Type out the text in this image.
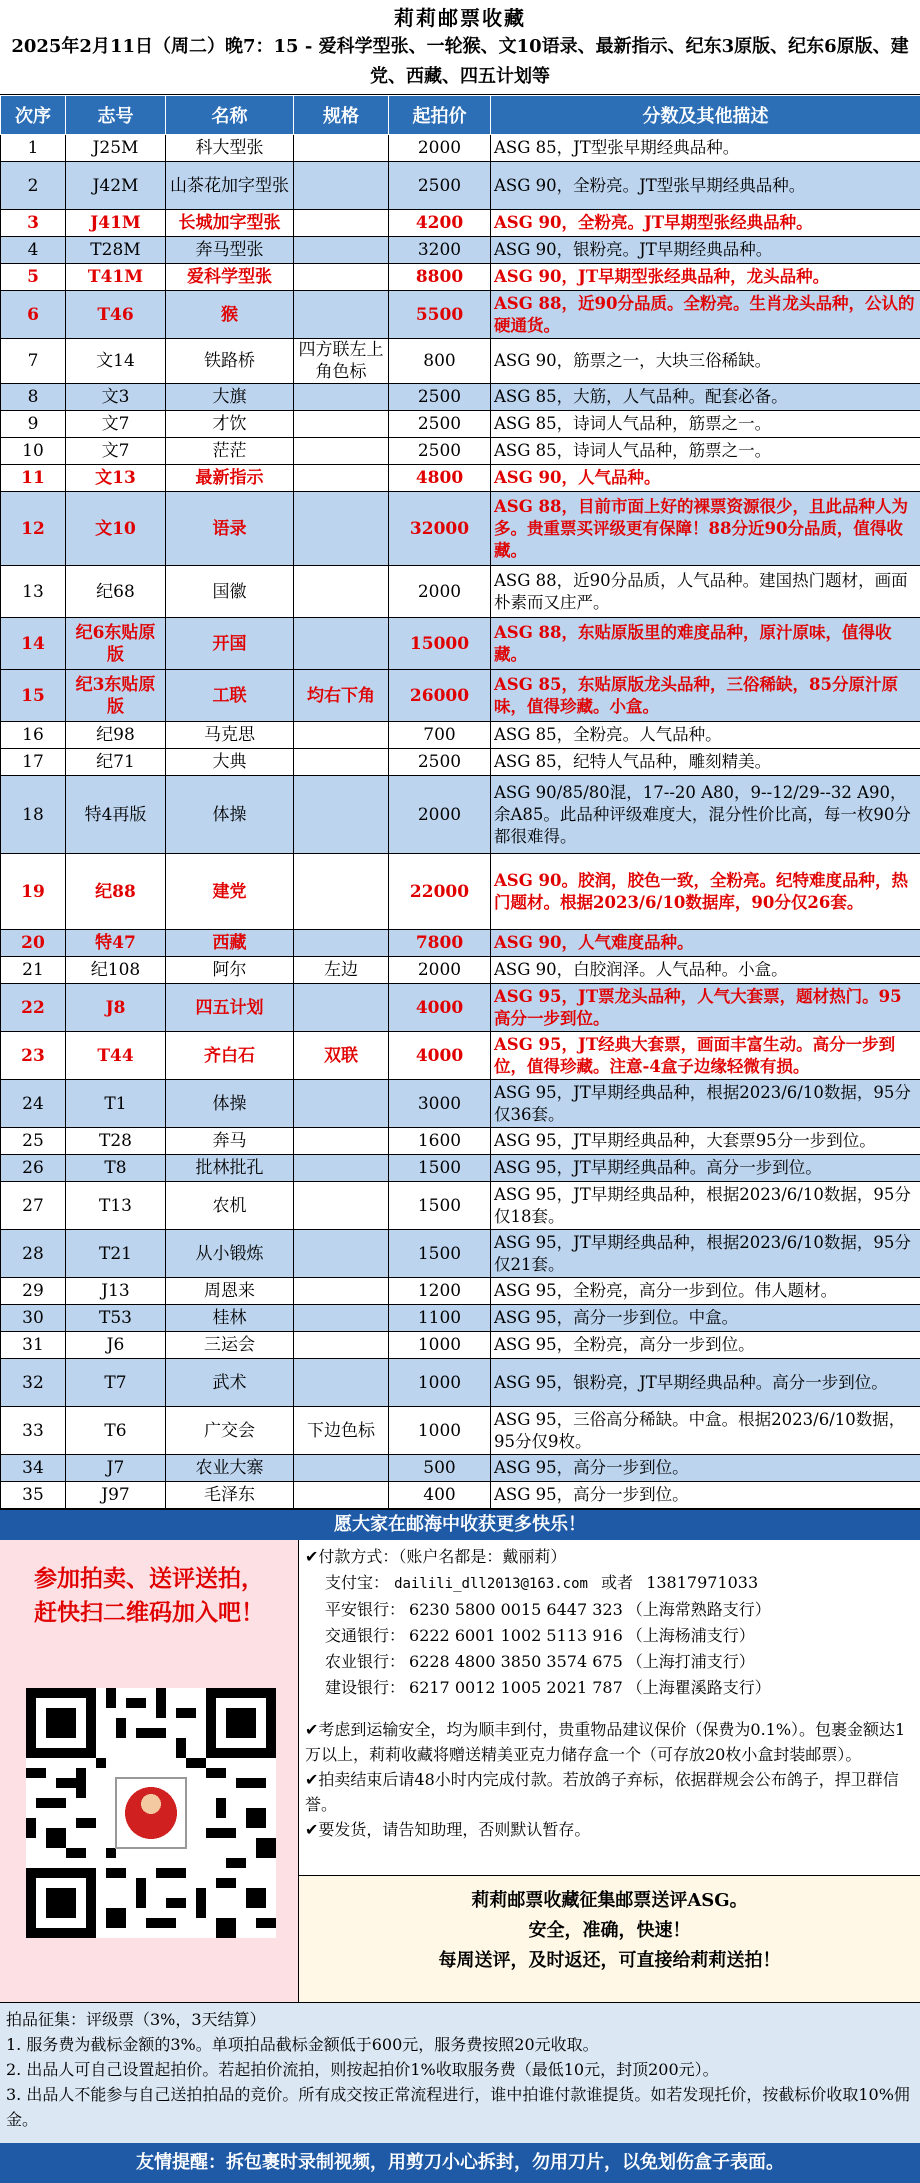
莉莉邮票收藏
2025年2月11日（周二）晚7：15 - 爱科学型张、一轮猴、文10语录、最新指示、纪东3原版、纪东6原版、建党、西藏、四五计划等
次序	志号	名称	规格	起拍价	分数及其他描述
1	J25M	科大型张		2000	ASG 85，JT型张早期经典品种。
2	J42M	山茶花加字型张		2500	ASG 90，全粉亮。JT型张早期经典品种。
3	J41M	长城加字型张		4200	ASG 90，全粉亮。JT早期型张经典品种。
4	T28M	奔马型张		3200	ASG 90，银粉亮。JT早期经典品种。
5	T41M	爱科学型张		8800	ASG 90，JT早期型张经典品种，龙头品种。
6	T46	猴		5500	ASG 88，近90分品质。全粉亮。生肖龙头品种，公认的硬通货。
7	文14	铁路桥	四方联左上角色标	800	ASG 90，筋票之一，大块三俗稀缺。
8	文3	大旗		2500	ASG 85，大筋，人气品种。配套必备。
9	文7	才饮		2500	ASG 85，诗词人气品种，筋票之一。
10	文7	茫茫		2500	ASG 85，诗词人气品种，筋票之一。
11	文13	最新指示		4800	ASG 90，人气品种。
12	文10	语录		32000	ASG 88，目前市面上好的裸票资源很少，且此品种人为多。贵重票买评级更有保障！88分近90分品质，值得收藏。
13	纪68	国徽		2000	ASG 88，近90分品质，人气品种。建国热门题材，画面朴素而又庄严。
14	纪6东贴原版	开国		15000	ASG 88，东贴原版里的难度品种，原汁原味，值得收藏。
15	纪3东贴原版	工联	均右下角	26000	ASG 85，东贴原版龙头品种，三俗稀缺，85分原汁原味，值得珍藏。小盒。
16	纪98	马克思		700	ASG 85，全粉亮。人气品种。
17	纪71	大典		2500	ASG 85，纪特人气品种，雕刻精美。
18	特4再版	体操		2000	ASG 90/85/80混，17--20 A80，9--12/29--32 A90，余A85。此品种评级难度大，混分性价比高，每一枚90分都很难得。
19	纪88	建党		22000	ASG 90。胶润，胶色一致，全粉亮。纪特难度品种，热门题材。根据2023/6/10数据库，90分仅26套。
20	特47	西藏		7800	ASG 90，人气难度品种。
21	纪108	阿尔	左边	2000	ASG 90，白胶润泽。人气品种。小盒。
22	J8	四五计划		4000	ASG 95，JT票龙头品种，人气大套票，题材热门。95高分一步到位。
23	T44	齐白石	双联	4000	ASG 95，JT经典大套票，画面丰富生动。高分一步到位，值得珍藏。注意-4盒子边缘轻微有损。
24	T1	体操		3000	ASG 95，JT早期经典品种，根据2023/6/10数据，95分仅36套。
25	T28	奔马		1600	ASG 95，JT早期经典品种，大套票95分一步到位。
26	T8	批林批孔		1500	ASG 95，JT早期经典品种。高分一步到位。
27	T13	农机		1500	ASG 95，JT早期经典品种，根据2023/6/10数据，95分仅18套。
28	T21	从小锻炼		1500	ASG 95，JT早期经典品种，根据2023/6/10数据，95分仅21套。
29	J13	周恩来		1200	ASG 95，全粉亮，高分一步到位。伟人题材。
30	T53	桂林		1100	ASG 95，高分一步到位。中盒。
31	J6	三运会		1000	ASG 95，全粉亮，高分一步到位。
32	T7	武术		1000	ASG 95，银粉亮，JT早期经典品种。高分一步到位。
33	T6	广交会	下边色标	1000	ASG 95，三俗高分稀缺。中盒。根据2023/6/10数据，95分仅9枚。
34	J7	农业大寨		500	ASG 95，高分一步到位。
35	J97	毛泽东		400	ASG 95，高分一步到位。
愿大家在邮海中收获更多快乐！
参加拍卖、送评送拍，
赶快扫二维码加入吧！
✔付款方式：（账户名都是：戴丽莉）
支付宝： dailili_dll2013@163.com 或者 13817971033
平安银行： 6230 5800 0015 6447 323 （上海常熟路支行）
交通银行： 6222 6001 1002 5113 916 （上海杨浦支行）
农业银行： 6228 4800 3850 3574 675 （上海打浦支行）
建设银行： 6217 0012 1005 2021 787 （上海瞿溪路支行）
✔考虑到运输安全，均为顺丰到付，贵重物品建议保价（保费为0.1%）。包裹金额达1万以上，莉莉收藏将赠送精美亚克力储存盒一个（可存放20枚小盒封装邮票）。
✔拍卖结束后请48小时内完成付款。若放鸽子弃标，依据群规会公布鸽子，捍卫群信誉。
✔要发货，请告知助理，否则默认暂存。
莉莉邮票收藏征集邮票送评ASG。
安全，准确，快速！
每周送评，及时返还，可直接给莉莉送拍！
拍品征集：评级票（3%，3天结算）
1. 服务费为截标金额的3%。单项拍品截标金额低于600元，服务费按照20元收取。
2. 出品人可自己设置起拍价。若起拍价流拍，则按起拍价1%收取服务费（最低10元，封顶200元）。
3. 出品人不能参与自己送拍拍品的竞价。所有成交按正常流程进行，谁中拍谁付款谁提货。如若发现托价，按截标价收取10%佣金。
友情提醒：拆包裹时录制视频，用剪刀小心拆封，勿用刀片，以免划伤盒子表面。
